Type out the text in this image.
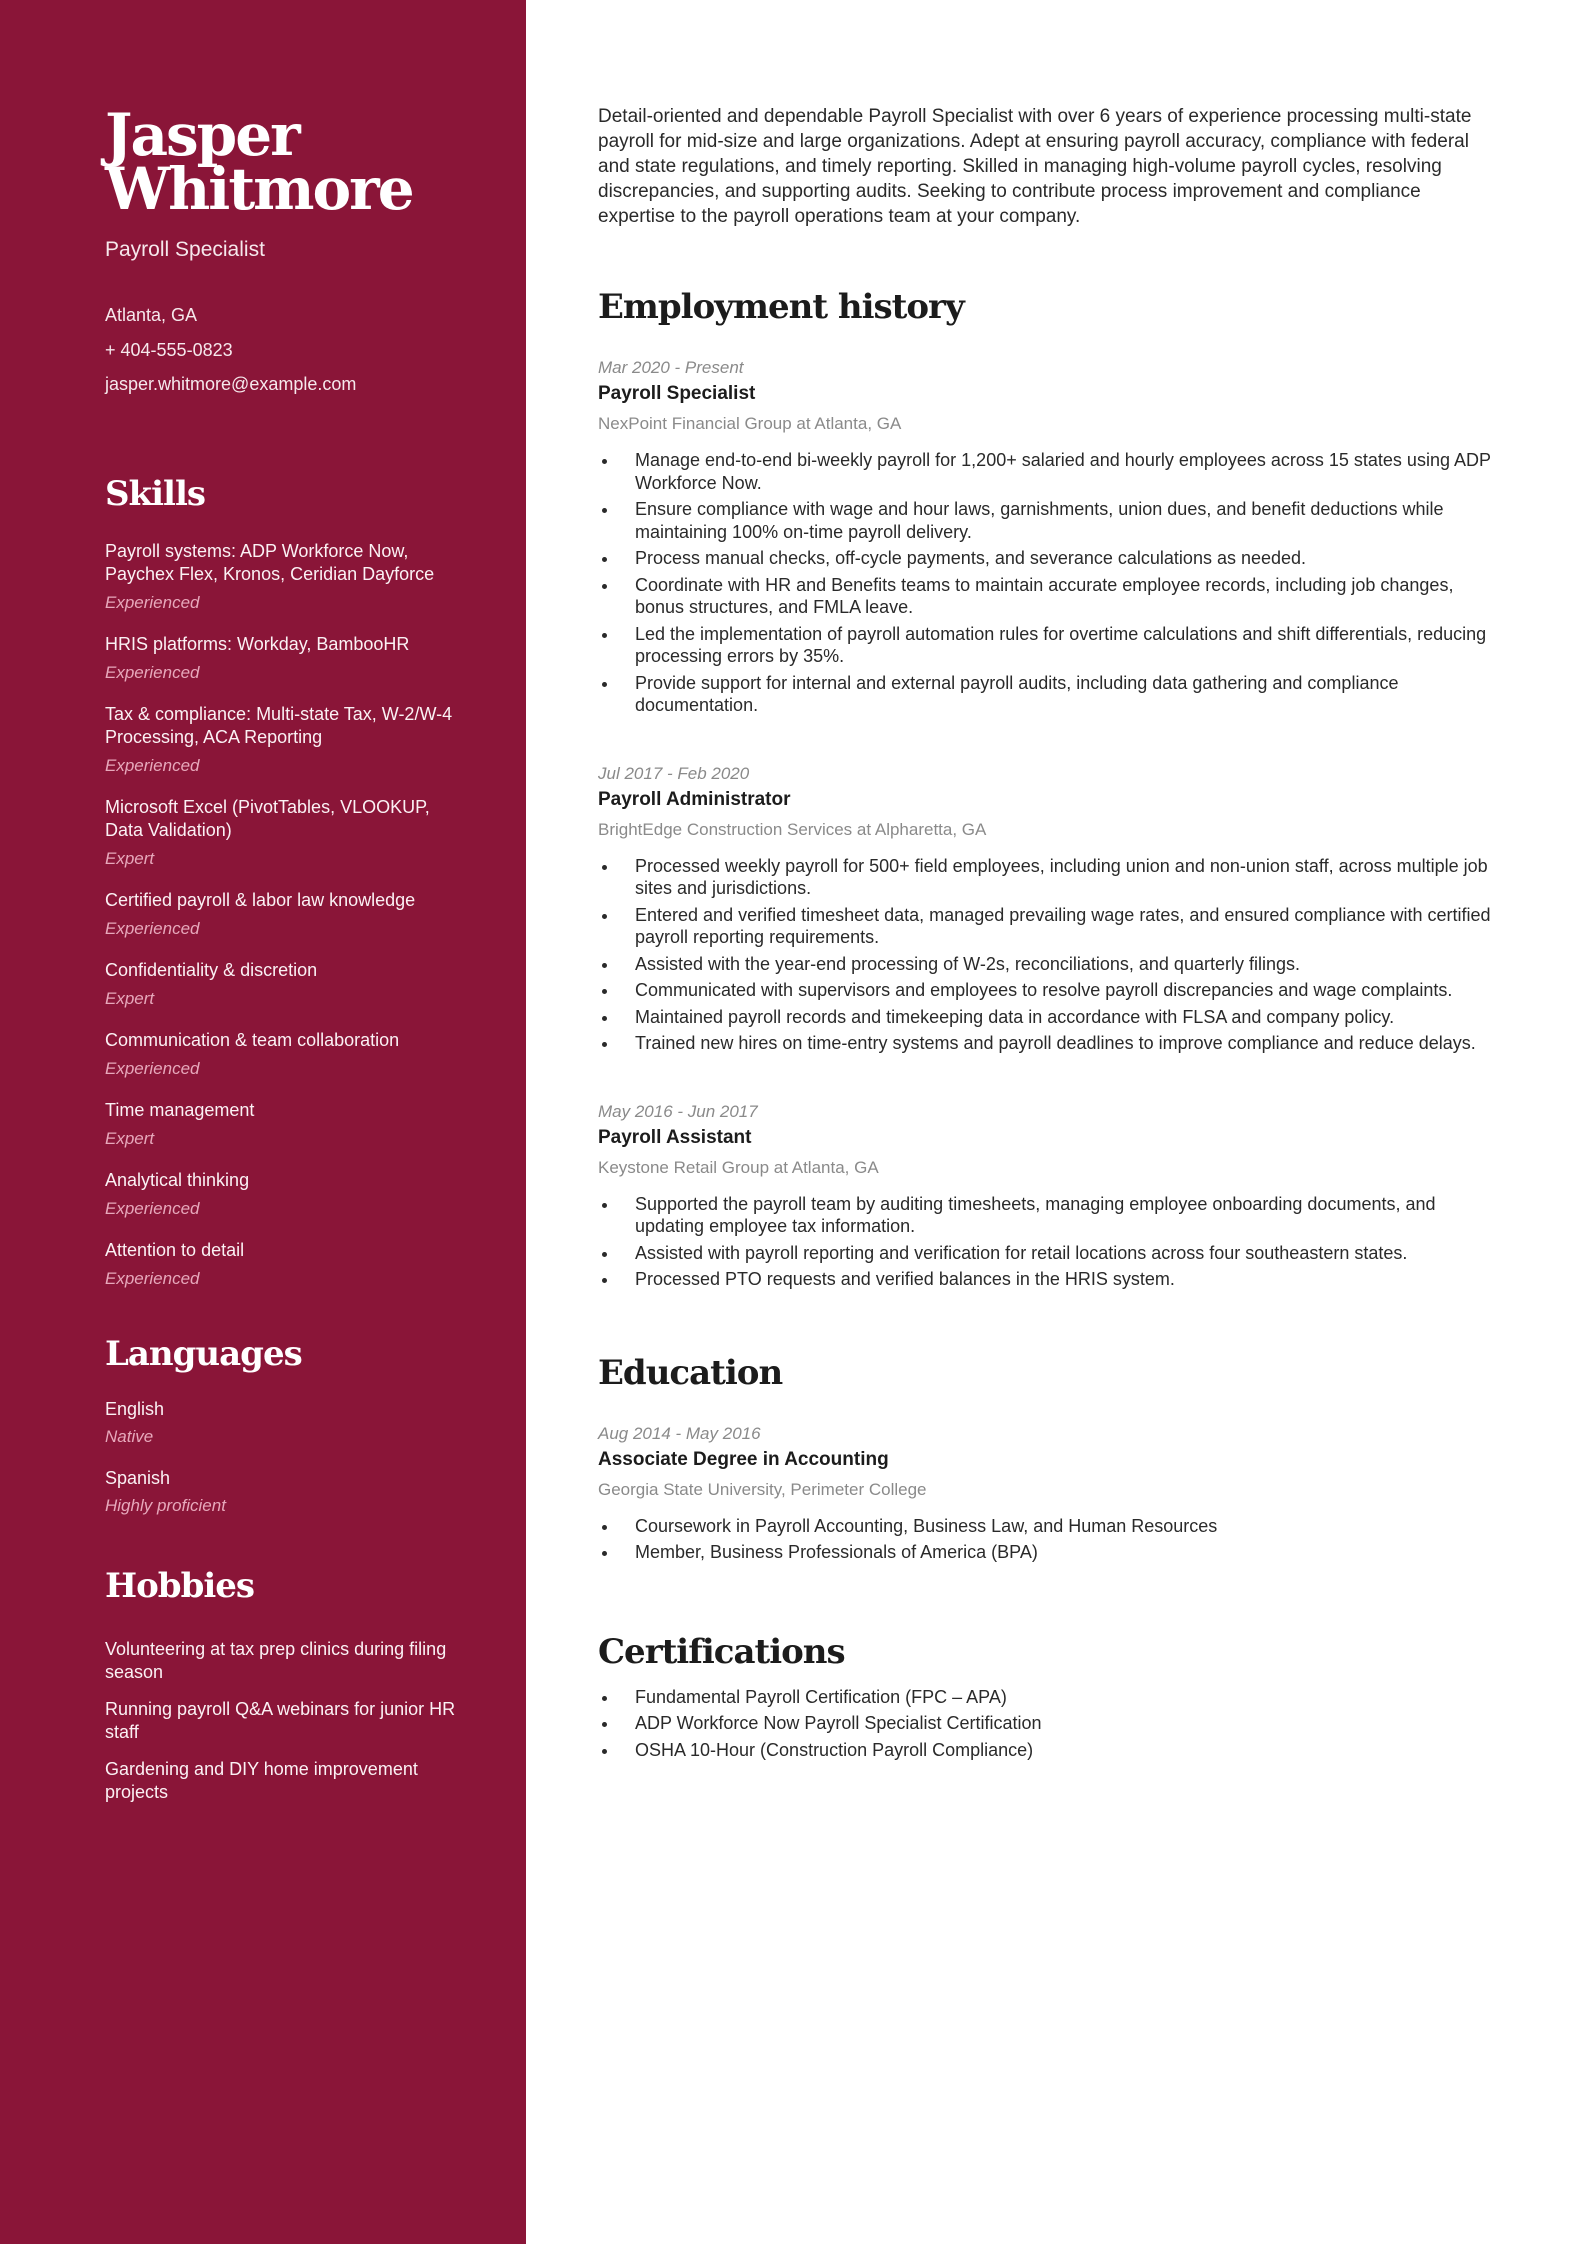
Jasper
Whitmore
Payroll Specialist
Atlanta, GA
+ 404-555-0823
jasper.whitmore@example.com
Skills
Payroll systems: ADP Workforce Now, Paychex Flex, Kronos, Ceridian Dayforce
Experienced
HRIS platforms: Workday, BambooHR
Experienced
Tax & compliance: Multi-state Tax, W-2/W-4 Processing, ACA Reporting
Experienced
Microsoft Excel (PivotTables, VLOOKUP, Data Validation)
Expert
Certified payroll & labor law knowledge
Experienced
Confidentiality & discretion
Expert
Communication & team collaboration
Experienced
Time management
Expert
Analytical thinking
Experienced
Attention to detail
Experienced
Languages
English
Native
Spanish
Highly proficient
Hobbies
Volunteering at tax prep clinics during filing season
Running payroll Q&A webinars for junior HR staff
Gardening and DIY home improvement projects

Detail-oriented and dependable Payroll Specialist with over 6 years of experience processing multi-state payroll for mid-size and large organizations. Adept at ensuring payroll accuracy, compliance with federal and state regulations, and timely reporting. Skilled in managing high-volume payroll cycles, resolving discrepancies, and supporting audits. Seeking to contribute process improvement and compliance expertise to the payroll operations team at your company.

Employment history
Mar 2020 - Present
Payroll Specialist
NexPoint Financial Group at Atlanta, GA
Manage end-to-end bi-weekly payroll for 1,200+ salaried and hourly employees across 15 states using ADP Workforce Now.
Ensure compliance with wage and hour laws, garnishments, union dues, and benefit deductions while maintaining 100% on-time payroll delivery.
Process manual checks, off-cycle payments, and severance calculations as needed.
Coordinate with HR and Benefits teams to maintain accurate employee records, including job changes, bonus structures, and FMLA leave.
Led the implementation of payroll automation rules for overtime calculations and shift differentials, reducing processing errors by 35%.
Provide support for internal and external payroll audits, including data gathering and compliance documentation.
Jul 2017 - Feb 2020
Payroll Administrator
BrightEdge Construction Services at Alpharetta, GA
Processed weekly payroll for 500+ field employees, including union and non-union staff, across multiple job sites and jurisdictions.
Entered and verified timesheet data, managed prevailing wage rates, and ensured compliance with certified payroll reporting requirements.
Assisted with the year-end processing of W-2s, reconciliations, and quarterly filings.
Communicated with supervisors and employees to resolve payroll discrepancies and wage complaints.
Maintained payroll records and timekeeping data in accordance with FLSA and company policy.
Trained new hires on time-entry systems and payroll deadlines to improve compliance and reduce delays.
May 2016 - Jun 2017
Payroll Assistant
Keystone Retail Group at Atlanta, GA
Supported the payroll team by auditing timesheets, managing employee onboarding documents, and updating employee tax information.
Assisted with payroll reporting and verification for retail locations across four southeastern states.
Processed PTO requests and verified balances in the HRIS system.
Education
Aug 2014 - May 2016
Associate Degree in Accounting
Georgia State University, Perimeter College
Coursework in Payroll Accounting, Business Law, and Human Resources
Member, Business Professionals of America (BPA)
Certifications
Fundamental Payroll Certification (FPC – APA)
ADP Workforce Now Payroll Specialist Certification
OSHA 10-Hour (Construction Payroll Compliance)
